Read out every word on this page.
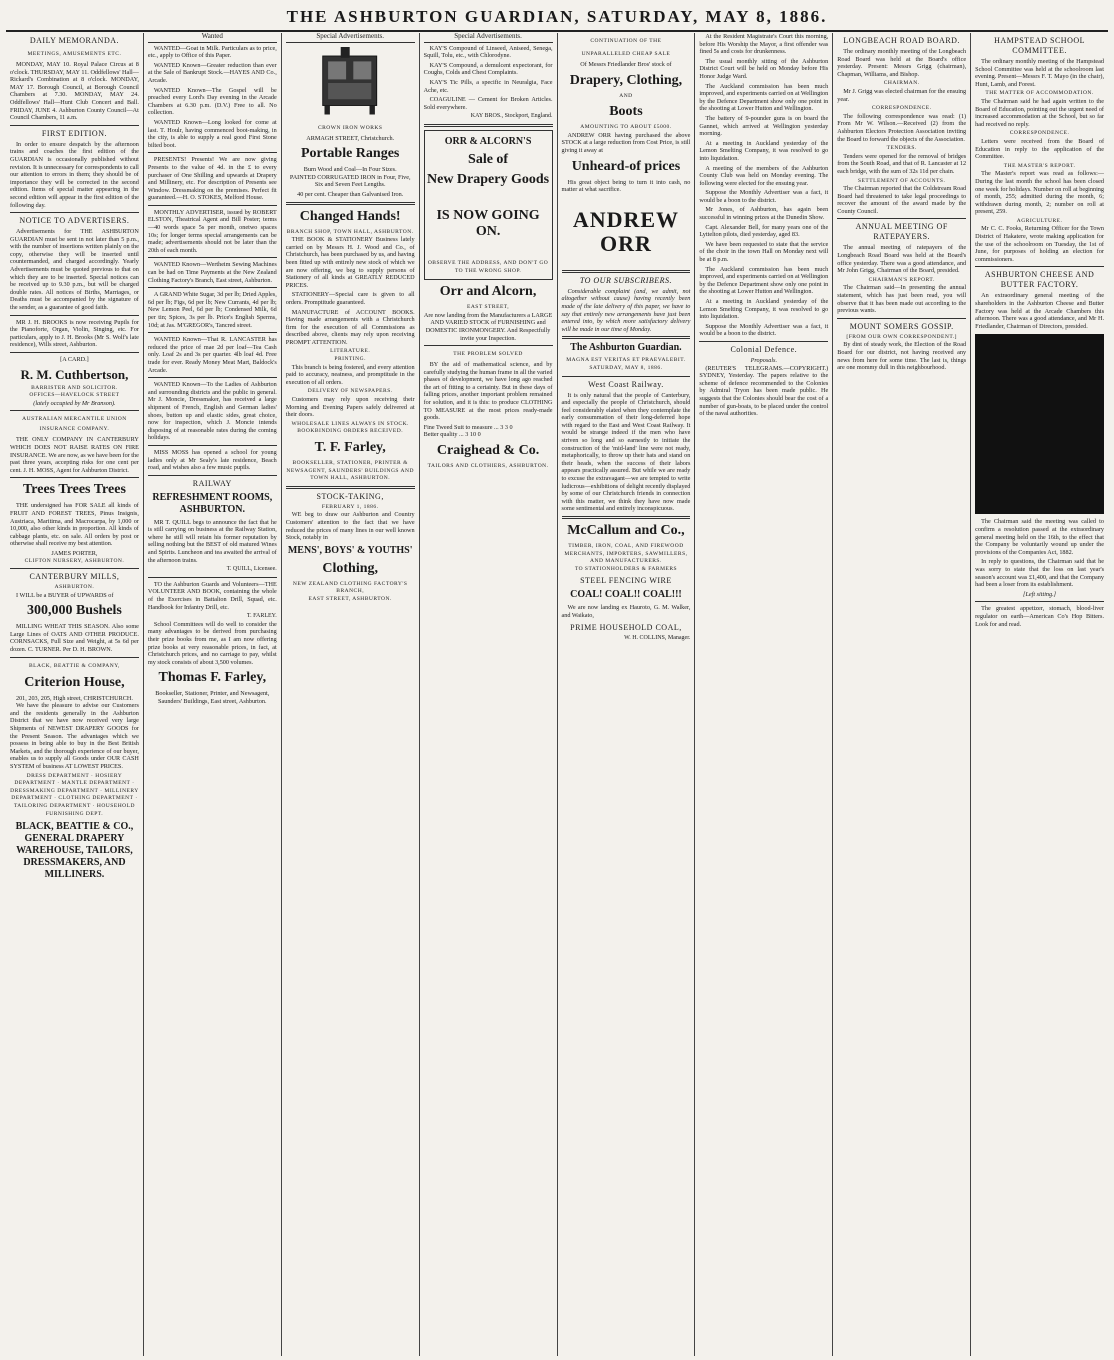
THE ASHBURTON GUARDIAN, SATURDAY, MAY 8, 1886.
DAILY MEMORANDA.
MEETINGS, AMUSEMENTS ETC.

MONDAY, MAY 10. Royal Palace Circus at 8 o'clock. THURSDAY, MAY 11. Oddfellows' Hall—Rickard's Combination at 8 o'clock. MONDAY, MAY 17. Borough Council, at Borough Council Chambers at 7.30. MONDAY, MAY 24. Oddfellows' Hall—Hunt Club Concert and Ball. FRIDAY, JUNE 4. Ashburton County Council—At Council Chambers, 11 a.m.

FIRST EDITION.

In order to ensure despatch by the afternoon trains and coaches the first edition of the GUARDIAN is occasionally published without revision. It is unnecessary for correspondents to call our attention to errors in them; they should be of importance they will be corrected in the second edition. Items of special matter appearing in the second edition will appear in the first edition of the following day.

NOTICE TO ADVERTISERS.

Advertisements for THE ASHBURTON GUARDIAN must be sent in not later than 5 p.m., with the number of insertions written plainly on the copy, otherwise they will be inserted until countermanded, and charged accordingly. Yearly Advertisements must be quoted previous to that on which they are to be inserted. Special notices can be received up to 9.30 p.m., but will be charged double rates. All notices of Births, Marriages, or Deaths must be accompanied by the signature of the sender, as a guarantee of good faith.

MR J. H. BROOKS is now receiving Pupils for the Pianoforte, Organ, Violin, Singing, etc. For particulars, apply to J. H. Brooks (Mr S. Wolf's late residence), Wills street, Ashburton.

[A CARD.]
R. M. Cuthbertson,
BARRISTER AND SOLICITOR.
OFFICES—HAVELOCK STREET
(lately occupied by Mr Branson).
AUSTRALIAN MERCANTILE UNION INSURANCE COMPANY.

THE ONLY COMPANY IN CANTERBURY WHICH DOES NOT RAISE RATES ON FIRE INSURANCE. We are now, as we have been for the past three years, accepting risks for one cent per cent. J. H. MOSS, Agent for Ashburton District.

Trees Trees Trees

THE undersigned has FOR SALE all kinds of FRUIT AND FOREST TREES, Pinus Insignis, Austriaca, Maritima, and Macrocarpa, by 1,000 or 10,000, also other kinds in proportion. All kinds of cabbage plants, etc. on sale. All orders by post or otherwise shall receive my best attention.

JAMES PORTER,
CLIFTON NURSERY, ASHBURTON.
CANTERBURY MILLS,
ASHBURTON.

I WILL be a BUYER of UPWARDS of

300,000 Bushels

MILLING WHEAT THIS SEASON. Also some Large Lines of OATS AND OTHER PRODUCE. CORNSACKS, Full Size and Weight, at 5s 6d per dozen. C. TURNER. Per D. H. BROWN.

BLACK, BEATTIE & COMPANY,
Criterion House,
201, 203, 205, High street, CHRISTCHURCH.

We have the pleasure to advise our Customers and the residents generally in the Ashburton District that we have now received very large Shipments of NEWEST DRAPERY GOODS for the Present Season. The advantages which we possess in being able to buy in the Best British Markets, and the thorough experience of our buyer, enables us to supply all Goods under OUR CASH SYSTEM of business AT LOWEST PRICES.

DRESS DEPARTMENT · HOSIERY DEPARTMENT · MANTLE DEPARTMENT · DRESSMAKING DEPARTMENT · MILLINERY DEPARTMENT · CLOTHING DEPARTMENT · TAILORING DEPARTMENT · HOUSEHOLD FURNISHING DEPT.

BLACK, BEATTIE & CO., GENERAL DRAPERY WAREHOUSE, TAILORS, DRESSMAKERS, AND MILLINERS.
Wanted

WANTED—Goat in Milk. Particulars as to price, etc., apply to Office of this Paper.

WANTED Known—Greater reduction than ever at the Sale of Bankrupt Stock.—HAYES AND Co., Arcade.

WANTED Known—The Gospel will be preached every Lord's Day evening in the Arcade Chambers at 6.30 p.m. (D.V.) Free to all. No collection.

WANTED Known—Long looked for come at last. T. Houlr, having commenced boot-making, in the city, is able to supply a real good First Stone bilted boot.

PRESENTS! Presents! We are now giving Presents to the value of 4d. in the £ to every purchaser of One Shilling and upwards at Drapery and Millinery, etc. For description of Presents see Window. Dressmaking on the premises. Perfect fit guaranteed.—H. O. STOKES, Melford House.

MONTHLY ADVERTISER, issued by ROBERT ELSTON, Theatrical Agent and Bill Poster; terms—40 words space 5s per month, onetwo spaces 10s; for longer terms special arrangements can be made; advertisements should not be later than the 20th of each month.

WANTED Known—Wertheim Sewing Machines can be had on Time Payments at the New Zealand Clothing Factory's Branch, East street, Ashburton.

A GRAND White Sugar, 3d per lb; Dried Apples, 6d per lb; Figs, 6d per lb; New Currants, 4d per lb; New Lemon Peel, 6d per lb; Condensed Milk, 6d per tin; Spices, 3s per lb. Price's English Sperms, 10d; at Jas. M'GREGOR's, Tancred street.

WANTED Known—That R. LANCASTER has reduced the price of mae 2d per loaf—Tea Cash only. Loaf 2s and 3s per quarter. 4lb loaf 4d. Free trade for ever. Ready Money Meat Mart, Baldock's Arcade.

WANTED Known—To the Ladies of Ashburton and surrounding districts and the public in general. Mr J. Moncie, Dressmaker, has received a large shipment of French, English and German ladies' shoes, button up and elastic sides, great choice, now for inspection, which J. Moncie intends disposing of at reasonable rates during the coming holidays.

MISS MOSS has opened a school for young ladies only at Mr Sealy's late residence, Beach road, and wishes also a few music pupils.

RAILWAY
REFRESHMENT ROOMS, ASHBURTON.

MR T. QUILL begs to announce the fact that he is still carrying on business at the Railway Station, where he still will retain his former reputation by selling nothing but the BEST of old matured Wines and Spirits. Luncheon and tea awaited the arrival of the afternoon trains.

T. QUILL, Licensee.

TO the Ashburton Guards and Volunteers—THE VOLUNTEER AND BOOK, containing the whole of the Exercises in Battalion Drill, Squad, etc. Handbook for Infantry Drill, etc.

T. FARLEY.

School Committees will do well to consider the many advantages to be derived from purchasing their prize books from me, as I am now offering prize books at very reasonable prices, in fact, at Christchurch prices, and no carriage to pay, whilst my stock consists of about 3,500 volumes.

Thomas F. Farley,
Bookseller, Stationer, Printer, and Newsagent, Saunders' Buildings, East street, Ashburton.
Special Advertisements.
CROWN IRON WORKS
ARMAGH STREET, Christchurch.
Portable Ranges
Burn Wood and Coal—In Four Sizes.

PAINTED CORRUGATED IRON in Four, Five, Six and Seven Feet Lengths.

40 per cent. Cheaper than Galvanised Iron.

Changed Hands!
BRANCH SHOP, TOWN HALL, ASHBURTON.

THE BOOK & STATIONERY Business lately carried on by Messrs H. J. Wood and Co., of Christchurch, has been purchased by us, and having been fitted up with entirely new stock of which we are now offering, we beg to supply persons of Stationery of all kinds at GREATLY REDUCED PRICES.

STATIONERY—Special care is given to all orders. Promptitude guaranteed.

MANUFACTURE of ACCOUNT BOOKS. Having made arrangements with a Christchurch firm for the execution of all Commissions as described above, clients may rely upon receiving PROMPT ATTENTION.

LITERATURE.
PRINTING.

This branch is being fostered, and every attention paid to accuracy, neatness, and promptitude in the execution of all orders.

DELIVERY OF NEWSPAPERS.

Customers may rely upon receiving their Morning and Evening Papers safely delivered at their doors.

WHOLESALE LINES ALWAYS IN STOCK.
BOOKBINDING ORDERS RECEIVED.
T. F. Farley,
BOOKSELLER, STATIONER, PRINTER & NEWSAGENT, SAUNDERS' BUILDINGS AND TOWN HALL, ASHBURTON.
STOCK-TAKING,
FEBRUARY 1, 1886.

WE beg to draw our Ashburton and Country Customers' attention to the fact that we have reduced the prices of many lines in our well known Stock, notably in

MENS', BOYS' & YOUTHS'
Clothing,
NEW ZEALAND CLOTHING FACTORY'S BRANCH,
EAST STREET, ASHBURTON.
Special Advertisements.

KAY'S Compound of Linseed, Aniseed, Senega, Squill, Tolu, etc., with Chlorodyne.

KAY'S Compound, a demulcent expectorant, for Coughs, Colds and Chest Complaints.

KAY'S Tic Pills, a specific in Neuralgia, Face Ache, etc.

COAGULINE — Cement for Broken Articles. Sold everywhere.

KAY BROS., Stockport, England.
ORR & ALCORN'S
Sale of
New Drapery Goods
IS NOW GOING ON.

OBSERVE THE ADDRESS, AND DON'T GO TO THE WRONG SHOP.

Orr and Alcorn,
EAST STREET,

Are now landing from the Manufacturers a LARGE AND VARIED STOCK of FURNISHING and DOMESTIC IRONMONGERY. And Respectfully invite your Inspection.

THE PROBLEM SOLVED

BY the aid of mathematical science, and by carefully studying the human frame in all the varied phases of development, we have long ago reached the art of fitting to a certainty. But in these days of falling prices, another important problem remained for solution, and it is this: to produce CLOTHING TO MEASURE at the most prices ready-made goods.

Fine Tweed Suit to measure ... 3 3 0
Better quality ... 3 10 0
Craighead & Co.
TAILORS AND CLOTHIERS, ASHBURTON.
CONTINUATION OF THE
UNPARALLELED CHEAP SALE
Of Messrs Friedlander Bros' stock of
Drapery, Clothing,
AND
Boots
AMOUNTING TO ABOUT £5000.

ANDREW ORR having purchased the above STOCK at a large reduction from Cost Price, is still giving it away at

Unheard-of prices

His great object being to turn it into cash, no matter at what sacrifice.

ANDREW ORR
TO OUR SUBSCRIBERS.

Considerable complaint (and, we admit, not altogether without cause) having recently been made of the late delivery of this paper, we have to say that entirely new arrangements have just been entered into, by which more satisfactory delivery will be made in our time of Monday.

The Ashburton Guardian.
MAGNA EST VERITAS ET PRAEVALEBIT.
SATURDAY, MAY 8, 1886.
West Coast Railway.

It is only natural that the people of Canterbury, and especially the people of Christchurch, should feel considerably elated when they contemplate the early consummation of their long-deferred hope with regard to the East and West Coast Railway. It would be strange indeed if the men who have striven so long and so earnestly to initiate the construction of the 'mid-land' line were not ready, metaphorically, to throw up their hats and stand on their heads, when the success of their labors appears practically assured. But while we are ready to excuse the extravagant—we are tempted to write ludicrous—exhibitions of delight recently displayed by some of our Christchurch friends in connection with this matter, we think they have now made some sentimental and entirely inconspicuous.

McCallum and Co.,
TIMBER, IRON, COAL, AND FIREWOOD MERCHANTS, IMPORTERS, SAWMILLERS, AND MANUFACTURERS.
TO STATIONHOLDERS & FARMERS
STEEL FENCING WIRE
COAL! COAL!! COAL!!!

We are now landing ex Hauroto, G. M. Walker, and Waikato,

PRIME HOUSEHOLD COAL,
W. H. COLLINS, Manager.

At the Resident Magistrate's Court this morning, before His Worship the Mayor, a first offender was fined 5s and costs for drunkenness.

The usual monthly sitting of the Ashburton District Court will be held on Monday before His Honor Judge Ward.

The Auckland commission has been much improved, and experiments carried on at Wellington by the Defence Department show only one point in the shooting at Lower Hutton and Wellington.

The battery of 9-pounder guns is on board the Gannet, which arrived at Wellington yesterday morning.

At a meeting in Auckland yesterday of the Lemon Smelting Company, it was resolved to go into liquidation.

A meeting of the members of the Ashburton County Club was held on Monday evening. The following were elected for the ensuing year.

Suppose the Monthly Advertiser was a fact, it would be a boon to the district.

Mr Jones, of Ashburton, has again been successful in winning prizes at the Dunedin Show.

Capt. Alexander Bell, for many years one of the Lyttelton pilots, died yesterday, aged 83.

We have been requested to state that the service of the choir in the town Hall on Monday next will be at 8 p.m.

The Auckland commission has been much improved, and experiments carried on at Wellington by the Defence Department show only one point in the shooting at Lower Hutton and Wellington.

At a meeting in Auckland yesterday of the Lemon Smelting Company, it was resolved to go into liquidation.

Suppose the Monthly Advertiser was a fact, it would be a boon to the district.

Colonial Defence.
Proposals.

(REUTER'S TELEGRAMS.—COPYRIGHT.) SYDNEY, Yesterday. The papers relative to the scheme of defence recommended to the Colonies by Admiral Tryon has been made public. He suggests that the Colonies should bear the cost of a number of gun-boats, to be placed under the control of the naval authorities.

LONGBEACH ROAD BOARD.

The ordinary monthly meeting of the Longbeach Road Board was held at the Board's office yesterday. Present: Messrs Grigg (chairman), Chapman, Williams, and Bishop.

CHAIRMAN.

Mr J. Grigg was elected chairman for the ensuing year.

CORRESPONDENCE.

The following correspondence was read: (1) From Mr W. Wilson.—Received (2) from the Ashburton Electors Protection Association inviting the Board to forward the objects of the Association.

TENDERS.

Tenders were opened for the removal of bridges from the South Road, and that of R. Lancaster at 12 each bridge, with the sum of 32s 11d per chain.

SETTLEMENT OF ACCOUNTS.

The Chairman reported that the Coldstream Road Board had threatened to take legal proceedings to recover the amount of the award made by the County Council.

ANNUAL MEETING OF RATEPAYERS.

The annual meeting of ratepayers of the Longbeach Road Board was held at the Board's office yesterday. There was a good attendance, and Mr John Grigg, Chairman of the Board, presided.

CHAIRMAN'S REPORT.

The Chairman said—In presenting the annual statement, which has just been read, you will observe that it has been made out according to the previous wants.

MOUNT SOMERS GOSSIP.
[FROM OUR OWN CORRESPONDENT.]

By dint of steady work, the Election of the Road Board for our district, not having received any news from here for some time. The last is, things are one mommy dull in this neighbourhood.

HAMPSTEAD SCHOOL COMMITTEE.

The ordinary monthly meeting of the Hampstead School Committee was held at the schoolroom last evening. Present—Messrs F. T. Mayo (in the chair), Hunt, Lamb, and Forest.

THE MATTER OF ACCOMMODATION.

The Chairman said he had again written to the Board of Education, pointing out the urgent need of increased accommodation at the School, but so far had received no reply.

CORRESPONDENCE.

Letters were received from the Board of Education in reply to the application of the Committee.

THE MASTER'S REPORT.

The Master's report was read as follows:—During the last month the school has been closed one week for holidays. Number on roll at beginning of month, 255; admitted during the month, 6; withdrawn during month, 2; number on roll at present, 259.

AGRICULTURE.

Mr C. C. Fooks, Returning Officer for the Town District of Hakatere, wrote making application for the use of the schoolroom on Tuesday, the 1st of June, for purposes of holding an election for commissioners.

ASHBURTON CHEESE AND BUTTER FACTORY.

An extraordinary general meeting of the shareholders in the Ashburton Cheese and Butter Factory was held at the Arcade Chambers this afternoon. There was a good attendance, and Mr H. Friedlander, Chairman of Directors, presided.

The Chairman said the meeting was called to confirm a resolution passed at the extraordinary general meeting held on the 16th, to the effect that the Company be voluntarily wound up under the provisions of the Companies Act, 1882.

In reply to questions, the Chairman said that he was sorry to state that the loss on last year's season's account was £1,400, and that the Company had been a loser from its establishment.

[Left sitting.]

The greatest appetizer, stomach, blood-liver regulator on earth—American Co's Hop Bitters. Look for and read.
